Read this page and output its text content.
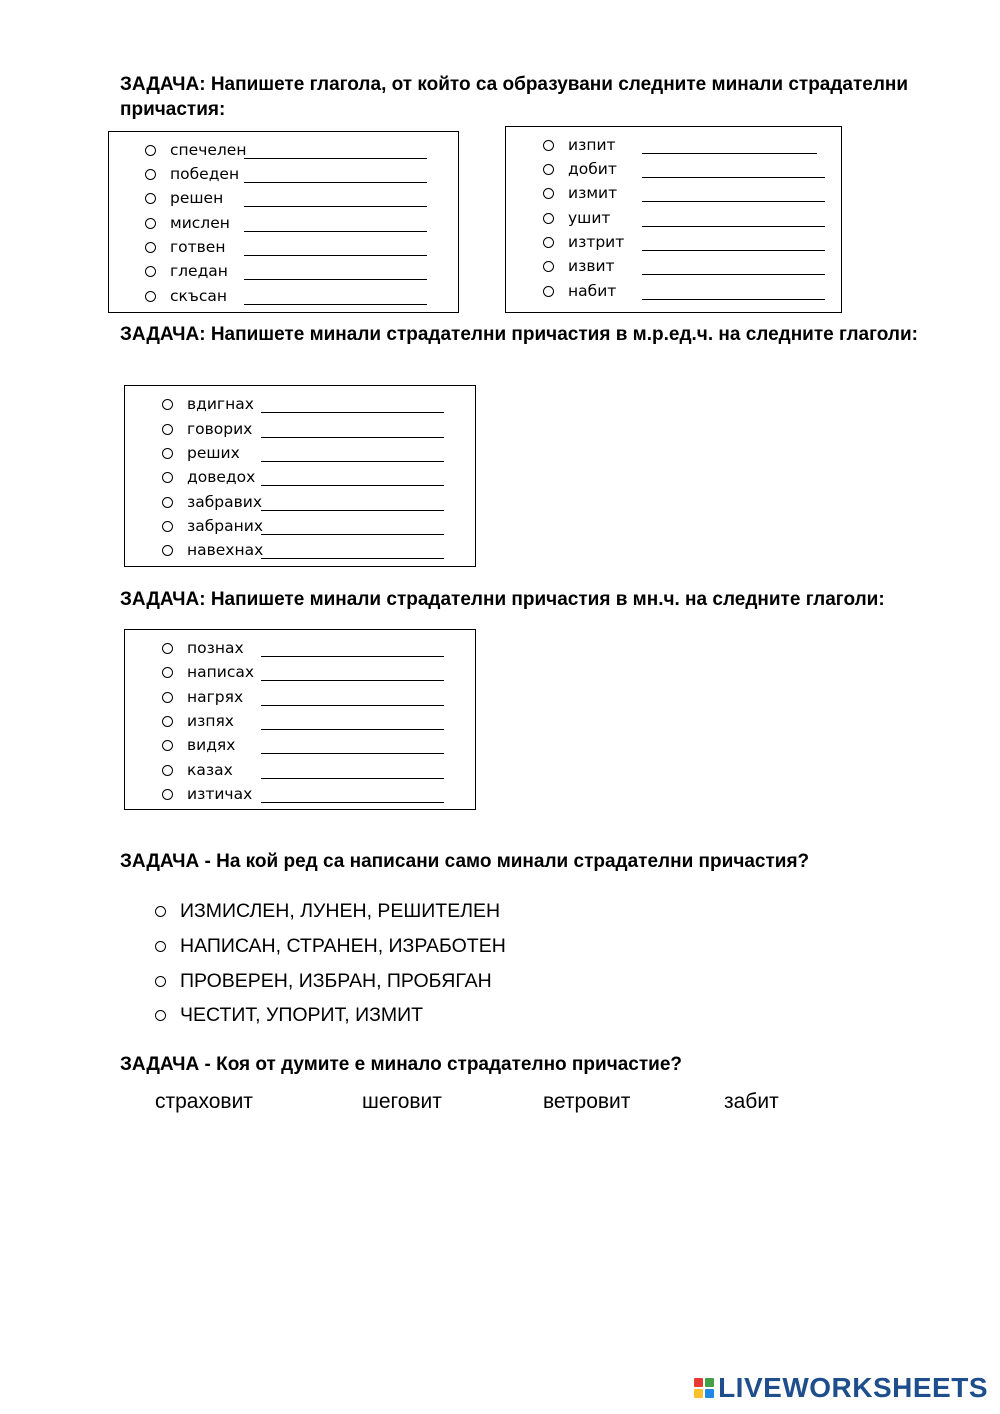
ЗАДАЧА: Напишете глагола, от който са образувани следните минали страдателни причастия:
спечелен
победен
решен
мислен
готвен
гледан
скъсан
изпит
добит
измит
ушит
изтрит
извит
набит
ЗАДАЧА: Напишете минали страдателни причастия в м.р.ед.ч. на следните глаголи:
вдигнах
говорих
реших
доведох
забравих
забраних
навехнах
ЗАДАЧА: Напишете минали страдателни причастия в мн.ч. на следните глаголи:
познах
написах
нагрях
изпях
видях
казах
изтичах
ЗАДАЧА - На кой ред са написани само минали страдателни причастия?
ИЗМИСЛЕН, ЛУНЕН, РЕШИТЕЛЕН
НАПИСАН, СТРАНЕН, ИЗРАБОТЕН
ПРОВЕРЕН, ИЗБРАН, ПРОБЯГАН
ЧЕСТИТ, УПОРИТ, ИЗМИТ
ЗАДАЧА - Коя от думите е минало страдателно причастие?
страховит	шеговит	ветровит	забит
LIVEWORKSHEETS
